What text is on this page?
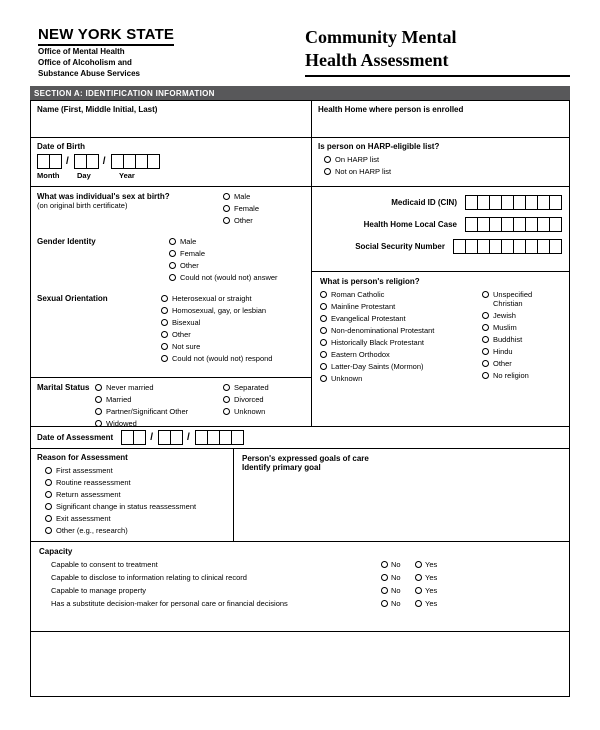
NEW YORK STATE
Office of Mental Health
Office of Alcoholism and
Substance Abuse Services
Community Mental
Health Assessment
SECTION A: IDENTIFICATION INFORMATION
Name (First, Middle Initial, Last)	Health Home where person is enrolled
Date of Birth
/	/
Month	Day	Year
Is person on HARP-eligible list?
On HARP list
Not on HARP list
What was individual's sex at birth?
(on original birth certificate)
Male
Female
Other
Gender Identity	Male
Female
Other
Could not (would not) answer
Sexual Orientation	Heterosexual or straight
Homosexual, gay, or lesbian
Bisexual
Other
Not sure
Could not (would not) respond
Marital Status	Never married
Married
Partner/Significant Other
Widowed
Separated
Divorced
Unknown
Medicaid ID (CIN)
Health Home Local Case
Social Security Number
What is person's religion?
Roman Catholic
Mainline Protestant
Evangelical Protestant
Non-denominational Protestant
Historically Black Protestant
Eastern Orthodox
Latter-Day Saints (Mormon)
Unknown
Unspecified Christian
Jewish
Muslim
Buddhist
Hindu
Other
No religion
Date of Assessment	/	/
Reason for Assessment
First assessment
Routine reassessment
Return assessment
Significant change in status reassessment
Exit assessment
Other (e.g., research)
Person's expressed goals of care
Identify primary goal
Capacity
Capable to consent to treatment	No	Yes
Capable to disclose to information relating to clinical record	No	Yes
Capable to manage property	No	Yes
Has a substitute decision-maker for personal care or financial decisions	No	Yes
